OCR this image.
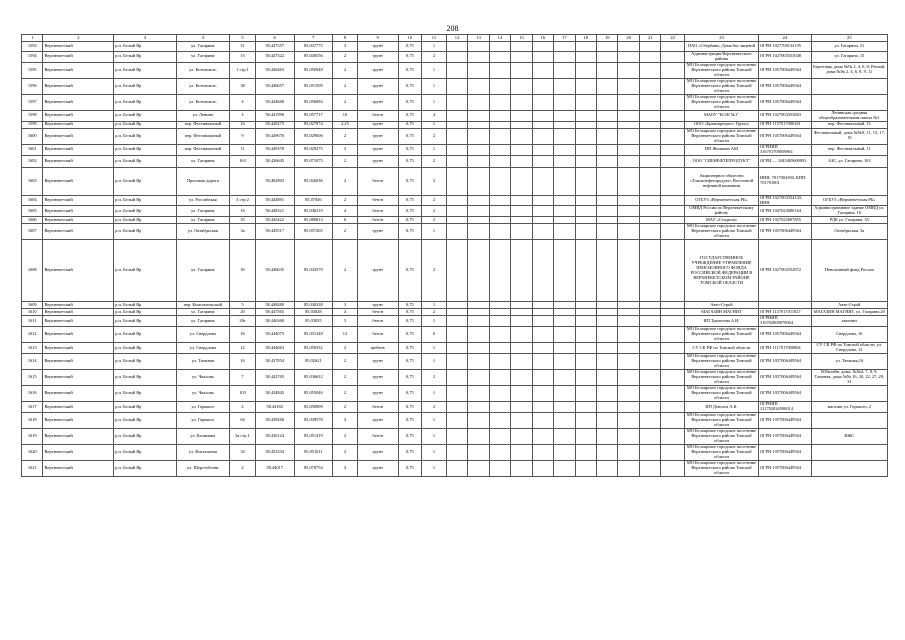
208
1	2	3	4	5	6	7	8	9	10	11	12	13	14	15	16	17	18	19	20	21	22	23	24	25
1593	Верхнекетский	р.п. Белый Яр	ул. Гагарина	51	58,447557	85,047775	3	грунт	0,75	1												ПАО «Сбербанк» Дома-бы-лицевой	ОГРН 1027700132195	ул. Гагарина, 51
1594	Верхнекетский	р.п. Белый Яр	ул. Гагарина	15	58,447522	85,040556	2	грунт	0,75	2												Администрация Верхнекетского района	ОГРН 1027003353048	ул. Гагарина, 15
1595	Верхнекетский	р.п. Белый Яр	ул. Котовского	1 стр 1	58,446463	85,056948	2	грунт	0,75	1												МО Белоярское городское поселение Верхнекетского района Томской области	ОГРН 1057006449564	Береговая, дома №№ 2, 4, 6, 8; Речной, дома №№ 2, 4, 6, 8, 9, 11
1596	Верхнекетский	р.п. Белый Яр	ул. Котовского	38	58,446657	85,051509	2	грунт	0,75	1												МО Белоярское городское поселение Верхнекетского района Томской области	ОГРН 1057006449564	
1597	Верхнекетский	р.п. Белый Яр	ул. Котовского	4	58,444668	85,056084	2	грунт	0,75	1												МО Белоярское городское поселение Верхнекетского района Томской области	ОГРН 1057006449564	
1598	Верхнекетский	р.п. Белый Яр	ул. Ленина	4	58,441996	85,057717	10	бетон	0,75	4												МАОУ "БСШ №1"	ОГРН 1027003353863	Ленинская средняя общеобразовательная школа №1
1599	Верхнекетский	р.п. Белый Яр	пер. Фестивальный	16	58,449275	85,027974	2,25	грунт	0,75	1												ООО «Бравопрогресс Групп»	ОГРН 1157017000161	пер. Фестивальный, 15
1600	Верхнекетский	р.п. Белый Яр	пер. Фестивальный	9	58,449676	85,029606	2	грунт	0,75	2												МО Белоярское городское поселение Верхнекетского района Томской области	ОГРН 1057006449564	Фестивальный, дома №№9, 11, 15, 17, 19
1601	Верхнекетский	р.п. Белый Яр	пер. Фестивальный	11	58,449378	85,029275	3	грунт	0,75	1												ИП Жилкина АМ	ОГРНИП 316701700059861	пер. Фестивальный, 11
1602	Верхнекетский	р.п. Белый Яр	ул. Гагарина	163	58,426645	85,071075	2	грунт	0,75	2												ООО "СИБНЕФТЕПРОДУКТ"	ОГРН — 1045405600093	АЗС, ул. Гагарина, 163
1603	Верхнекетский	р.п. Белый Яр	Проезжая дорога		58,402803	85,026036	4	бетон	0,75	2												Акционерное общество «Томскнефтепродукт» Восточной нефтяной компании	ИНН: 7017004390, КПП: 701701001	
1604	Верхнекетский	р.п. Белый Яр	ул. Российская	3 стр 2	58,444891	85,07046	2	бетон	0,75	2												ОГБУЗ «Верхнекетская РБ»	ОГРН 1027003354143, ИНН	ОГБУЗ «Верхнекетская РБ»
1605	Верхнекетский	р.п. Белый Яр	ул. Гагарина	16	58,448321	85,046219	4	бетон	0,75	2												ОМВД России по Верхнекетскому району	ОГРН 1047023000164	Административное здание ОМВД ул. Гагарина, 16
1606	Верхнекетский	р.п. Белый Яр	ул. Гагарина	35	58,445422	85,080813	6	бетон	0,75	2												МАУ «Стадион»	ОГРН 1027025007855	РДК ул. Гагарина, 35
1607	Верхнекетский	р.п. Белый Яр	ул. Октябрьская	3а	58,445517	85,057265	2	грунт	0,75	1												МО Белоярское городское поселение Верхнекетского района Томской области	ОГРН 1057006449564	Октябрьская, 3а
1608	Верхнекетский	р.п. Белый Яр	ул. Гагарина	30	58,446635	85,043579	2	грунт	0,75	2												ГОСУДАРСТВЕННОЕ УЧРЕЖДЕНИЕ-УПРАВЛЕНИЕ ПЕНСИОННОГО ФОНДА РОССИЙСКОЙ ФЕДЕРАЦИИ В ВЕРХНЕКЕТСКОМ РАЙОНЕ ТОМСКОЙ ОБЛАСТИ	ОГРН 1027002552872	Пенсионный фонд России
1609	Верхнекетский	р.п. Белый Яр	пер. Комсомольский	5	58,448480	85,040338	3	грунт	0,75	1												Авто-Строй		Авто-Строй
1610	Верхнекетский	р.п. Белый Яр	ул. Гагарина	20	58,447565	85,03028	4	бетон	0,75	2												МАГАЗИН МАГНИТ	ОГРН 1137017011027	МАГАЗИН МАГНИТ, ул. Гагарина,20
1611	Верхнекетский	р.п. Белый Яр	ул. Гагарина	28г	58,446368	85,03035	3	бетон	0,75	1												ИП Трапезова А.Н.	ОГРНИП 316702800079064	магазин
1612	Верхнекетский	р.п. Белый Яр	ул. Свердлова	16	58,444075	85,031348	12	бетон	0,75	6												МО Белоярское городское поселение Верхнекетского района Томской области	ОГРН 1057006449564	Свердлова, 16
1613	Верхнекетский	р.п. Белый Яр	ул. Свердлова	12	58,444663	85,050332	2	щебень	0,75	1												СУ СК РФ по Томской области	ОГРН 1117017000004	СУ СК РФ по Томской области, ул. Свердлова, 12
1614	Верхнекетский	р.п. Белый Яр	ул. Таежная	16	58,437854	85,02621	2	грунт	0,75	1												МО Белоярское городское поселение Верхнекетского района Томской области	ОГРН 1057006449564	ул. Таежная,16
1615	Верхнекетский	р.п. Белый Яр	ул. Чкалова	7	58,442765	85,036612	2	грунт	0,75	2												МО Белоярское городское поселение Верхнекетского района Томской области	ОГРН 1057006449564	Юбилейн. дома, №№4, 7, 8, 9, Таежная, дома №№ 16, 20, 22, 27, 29, 31
1616	Верхнекетский	р.п. Белый Яр	ул. Чкалова	103	58,434845	85,055046	2	грунт	0,75	1												МО Белоярское городское поселение Верхнекетского района Томской области	ОГРН 1057006449564	
1617	Верхнекетский	р.п. Белый Яр	ул. Горького	2	58,44182	85,058909	2	бетон	0,75	2												ИП Донгасв А.К.	ОГРНИП 312702826500014	магазин ул. Горького, 2
1618	Верхнекетский	р.п. Белый Яр	ул. Горького	64	58,438266	85,038578	3	грунт	0,75	1												МО Белоярское городское поселение Верхнекетского района Томской области	ОГРН 1057006449564	
1619	Верхнекетский	р.п. Белый Яр	ул. Калинина	3а стр 1	58,436124	85,051419	2	бетон	0,75	1												МО Белоярское городское поселение Верхнекетского района Томской области	ОГРН 1057006449564	ИЖС
1620	Верхнекетский	р.п. Белый Яр	ул. Вокзальная	34	58,452334	85,051011	2	грунт	0,75	1												МО Белоярское городское поселение Верхнекетского района Томской области	ОГРН 1057006449564	
1621	Верхнекетский	р.п. Белый Яр	ул. Шерстобоева	2	58,44017	85,078754	3	грунт	0,75	1												МО Белоярское городское поселение Верхнекетского района Томской области	ОГРН 1057006449564	
